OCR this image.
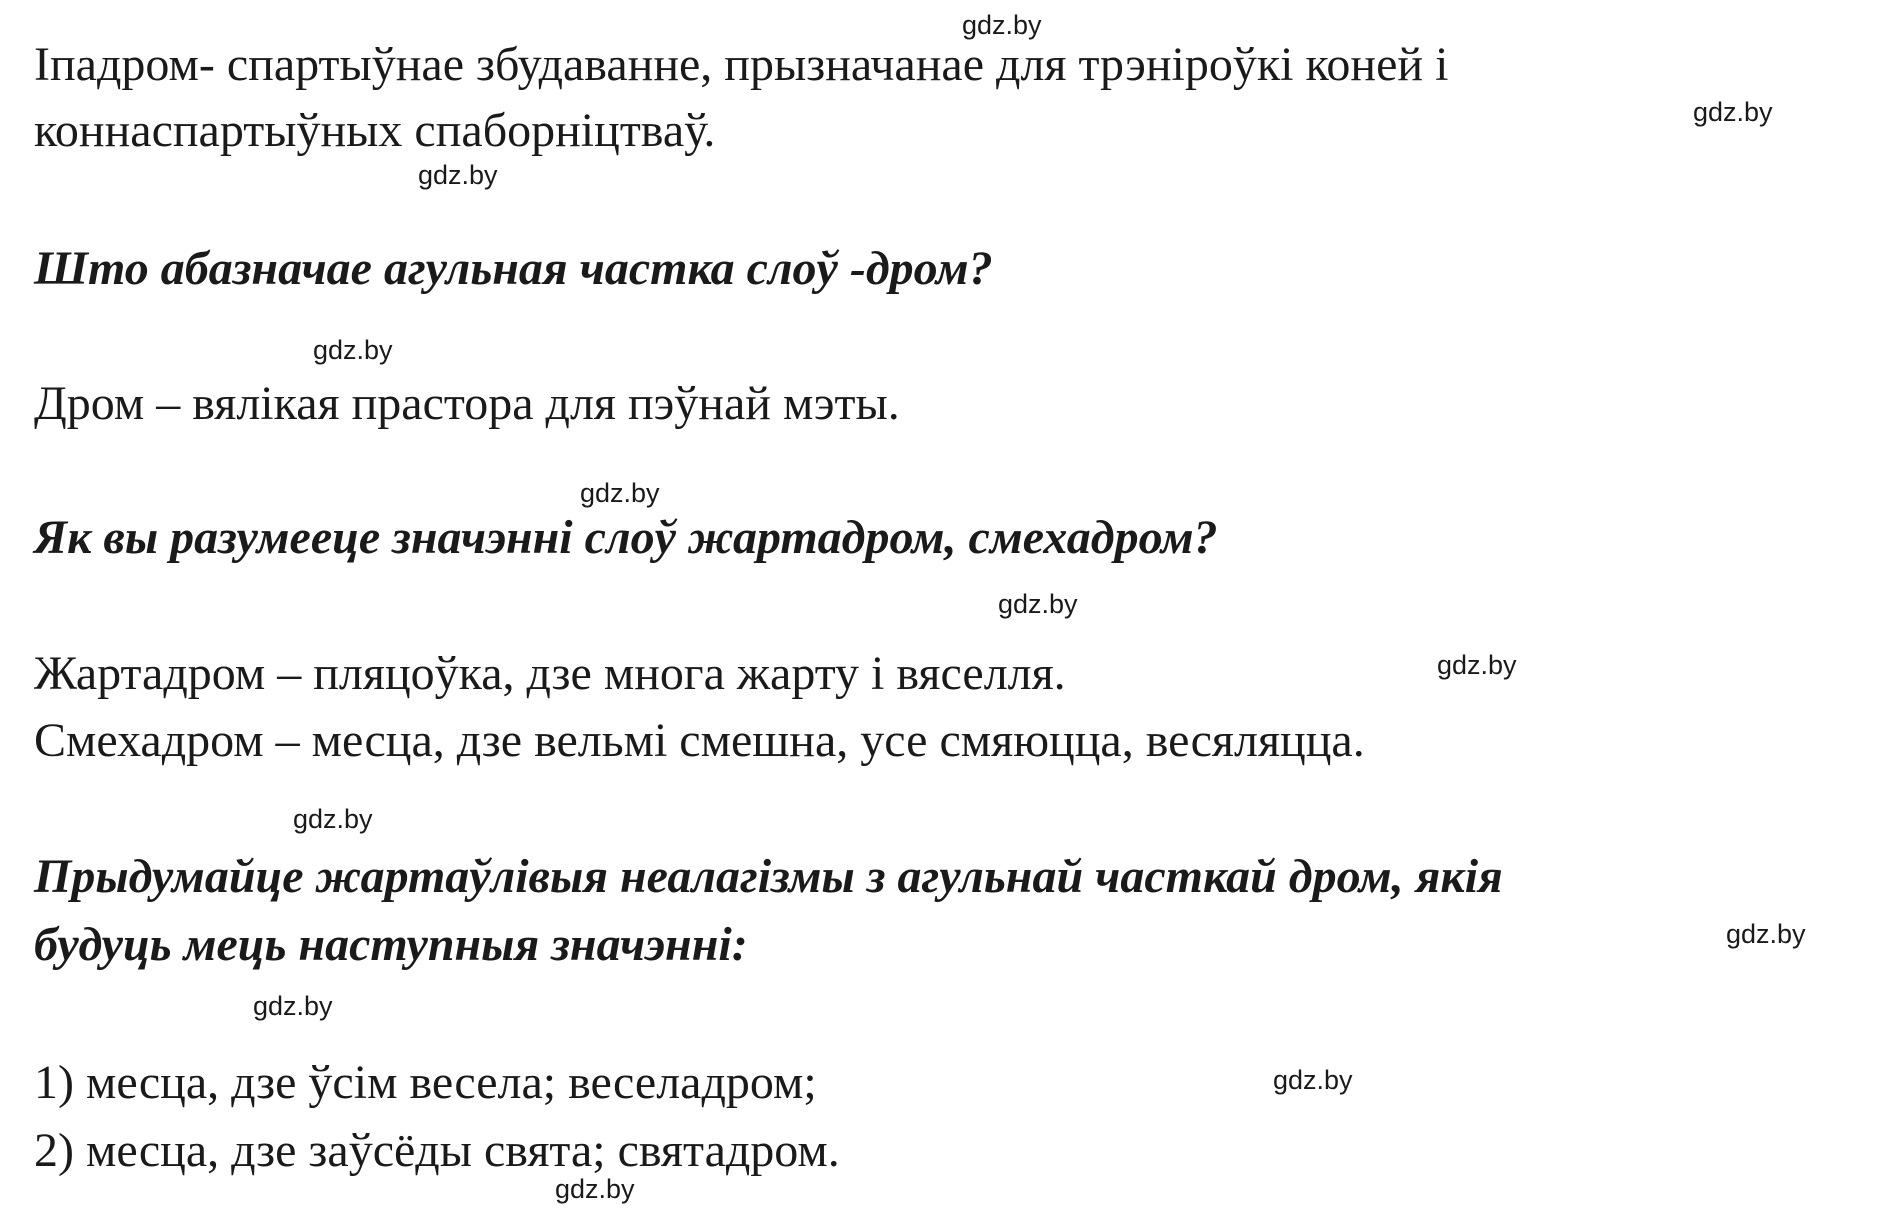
gdz.by
gdz.by
gdz.by
gdz.by
gdz.by
gdz.by
gdz.by
gdz.by
gdz.by
gdz.by
gdz.by
gdz.by
Іпадром- спартыўнае збудаванне, прызначанае для трэніроўкі коней і
коннаспартыўных спаборніцтваў.
Што абазначае агульная частка слоў -дром?
Дром – вялікая прастора для пэўнай мэты.
Як вы разумееце значэнні слоў жартадром, смехадром?
Жартадром – пляцоўка, дзе многа жарту і вяселля.
Смехадром – месца, дзе вельмі смешна, усе смяюцца, весяляцца.
Прыдумайце жартаўлівыя неалагізмы з агульнай часткай дром, якія
будуць мець наступныя значэнні:
1) месца, дзе ўсім весела; веселадром;
2) месца, дзе заўсёды свята; святадром.
